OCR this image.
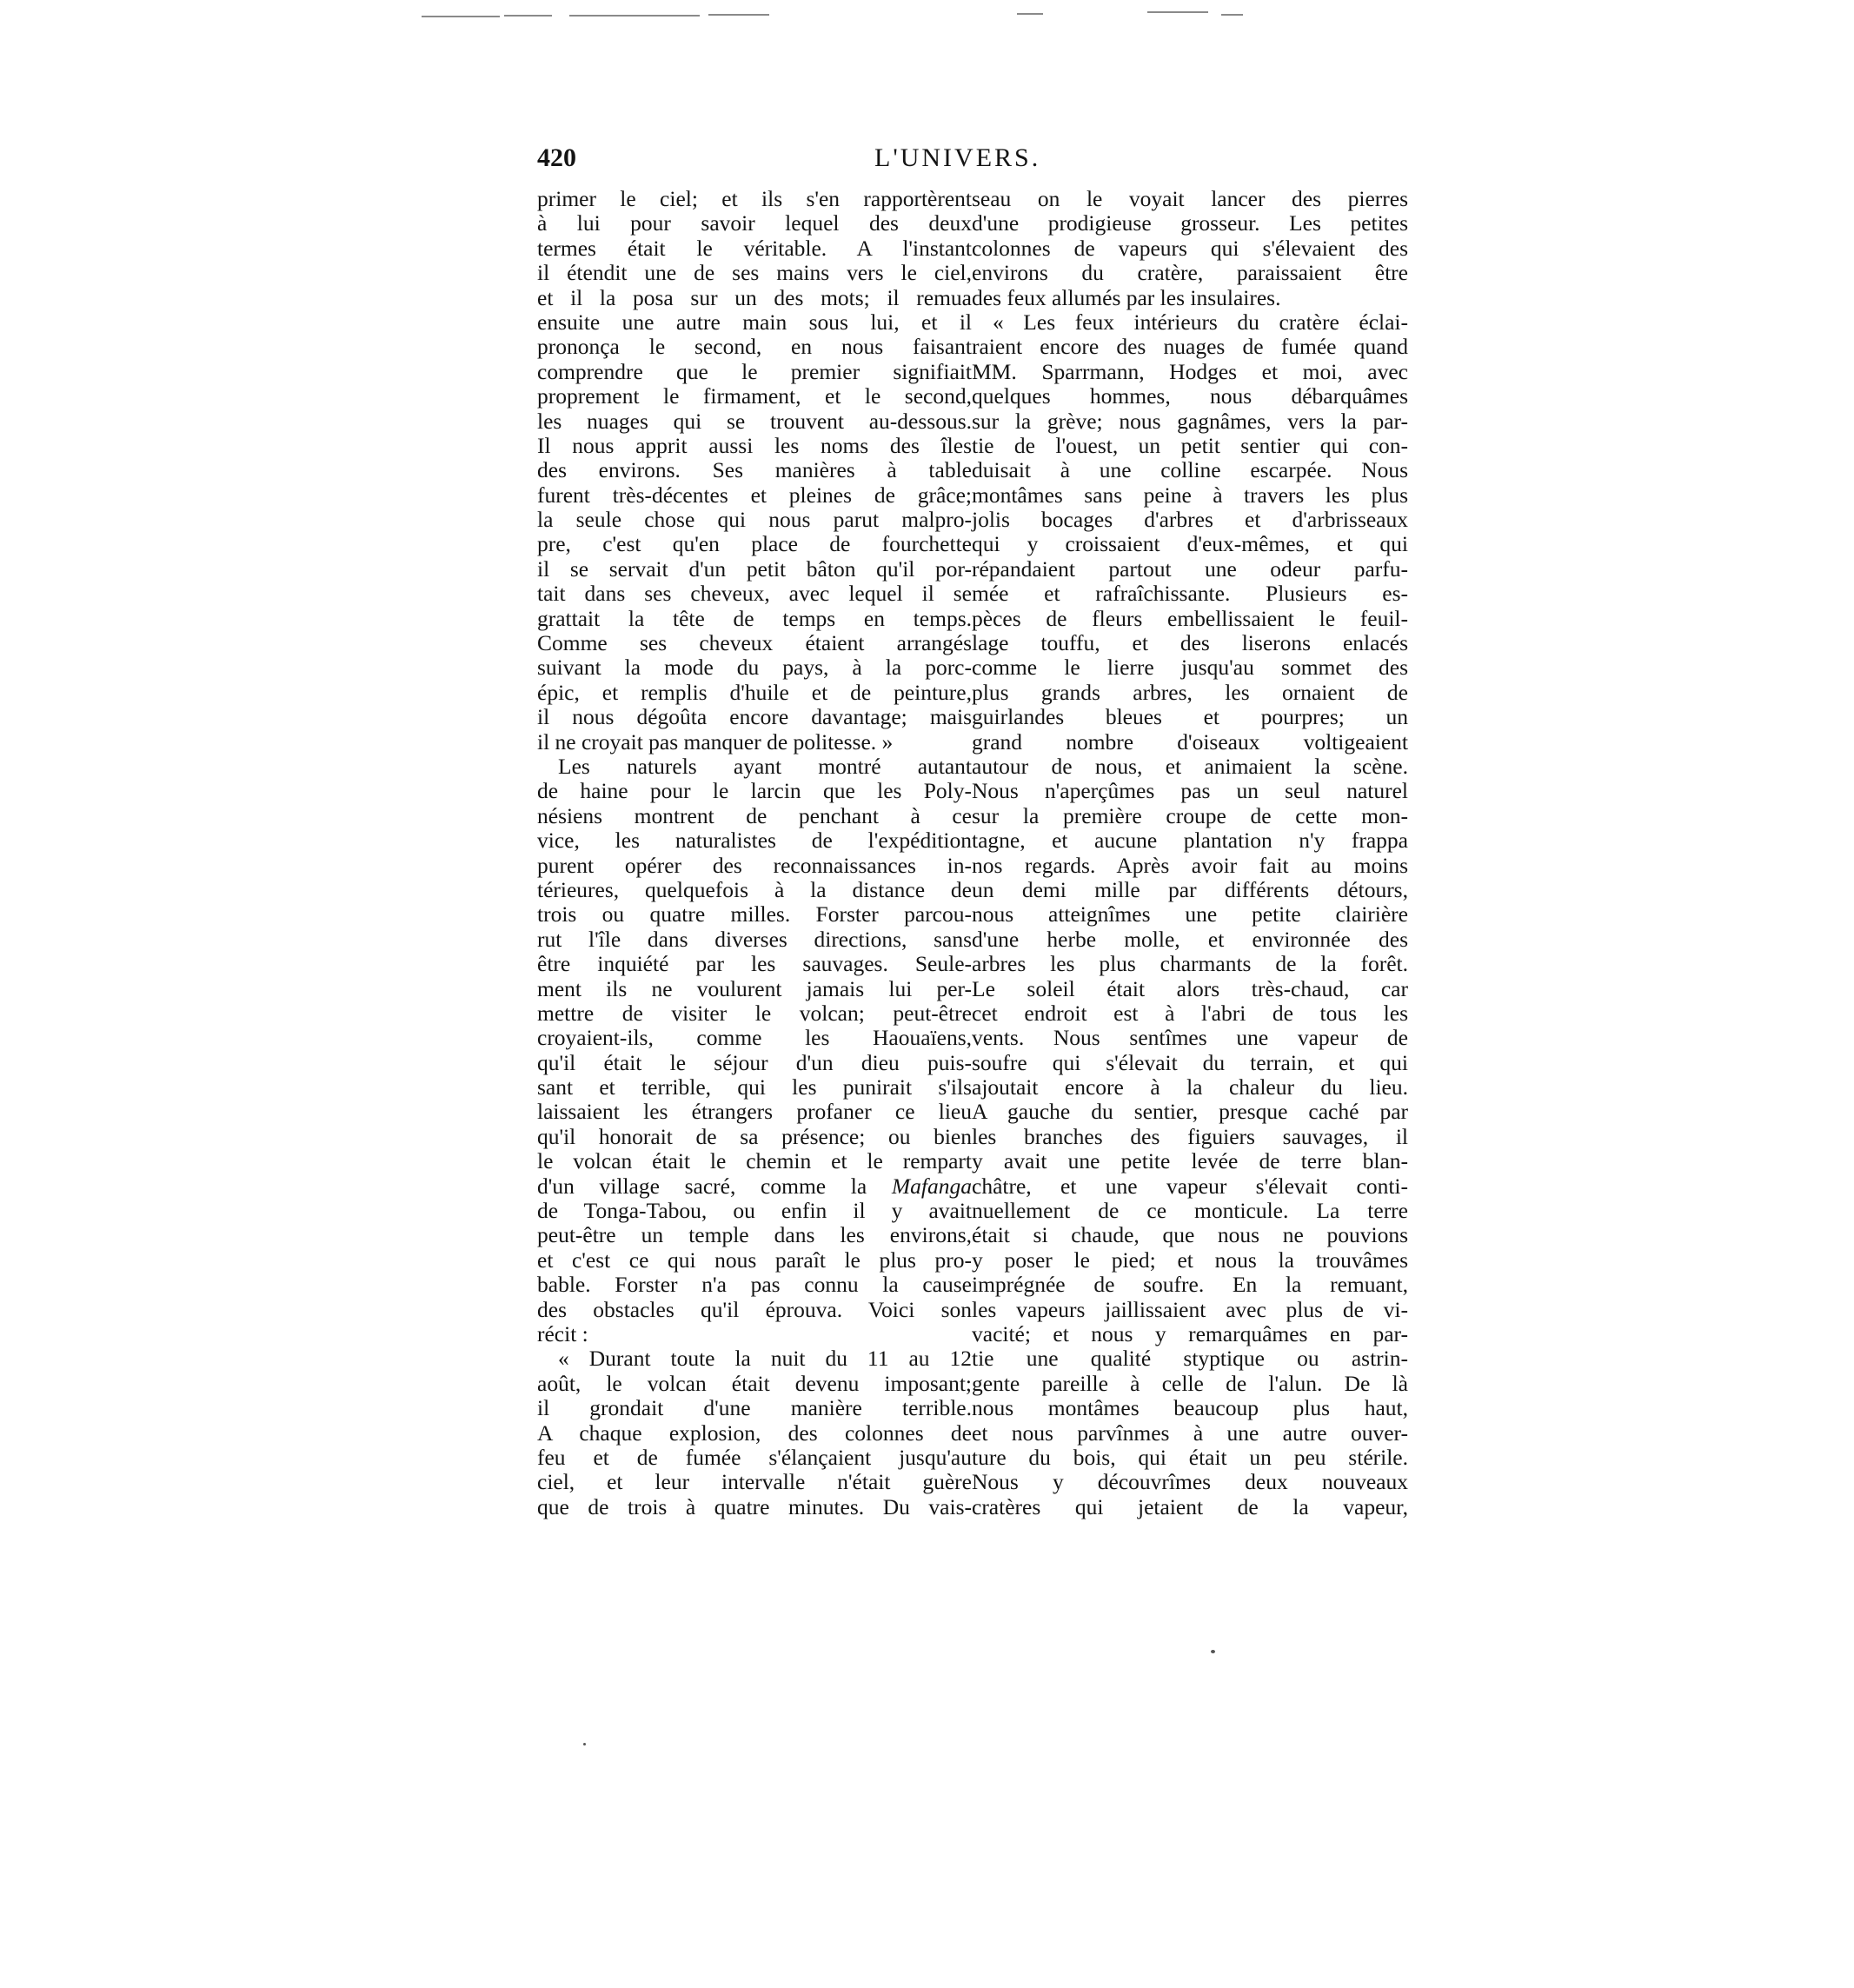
420	L'UNIVERS.
primer le ciel; et ils s'en rapportèrent
à lui pour savoir lequel des deux
termes était le véritable. A l'instant
il étendit une de ses mains vers le ciel,
et il la posa sur un des mots; il remua
ensuite une autre main sous lui, et il
prononça le second, en nous faisant
comprendre que le premier signifiait
proprement le firmament, et le second,
les nuages qui se trouvent au-dessous.
Il nous apprit aussi les noms des îles
des environs. Ses manières à table
furent très-décentes et pleines de grâce;
la seule chose qui nous parut malpro-
pre, c'est qu'en place de fourchette
il se servait d'un petit bâton qu'il por-
tait dans ses cheveux, avec lequel il se
grattait la tête de temps en temps.
Comme ses cheveux étaient arrangés
suivant la mode du pays, à la porc-
épic, et remplis d'huile et de peinture,
il nous dégoûta encore davantage; mais
il ne croyait pas manquer de politesse. »
Les naturels ayant montré autant
de haine pour le larcin que les Poly-
nésiens montrent de penchant à ce
vice, les naturalistes de l'expédition
purent opérer des reconnaissances in-
térieures, quelquefois à la distance de
trois ou quatre milles. Forster parcou-
rut l'île dans diverses directions, sans
être inquiété par les sauvages. Seule-
ment ils ne voulurent jamais lui per-
mettre de visiter le volcan; peut-être
croyaient-ils, comme les Haouaïens,
qu'il était le séjour d'un dieu puis-
sant et terrible, qui les punirait s'ils
laissaient les étrangers profaner ce lieu
qu'il honorait de sa présence; ou bien
le volcan était le chemin et le rempart
d'un village sacré, comme la Mafanga
de Tonga-Tabou, ou enfin il y avait
peut-être un temple dans les environs,
et c'est ce qui nous paraît le plus pro-
bable. Forster n'a pas connu la cause
des obstacles qu'il éprouva. Voici son
récit :
« Durant toute la nuit du 11 au 12
août, le volcan était devenu imposant;
il grondait d'une manière terrible.
A chaque explosion, des colonnes de
feu et de fumée s'élançaient jusqu'au
ciel, et leur intervalle n'était guère
que de trois à quatre minutes. Du vais-
seau on le voyait lancer des pierres
d'une prodigieuse grosseur. Les petites
colonnes de vapeurs qui s'élevaient des
environs du cratère, paraissaient être
des feux allumés par les insulaires.
« Les feux intérieurs du cratère éclai-
raient encore des nuages de fumée quand
MM. Sparrmann, Hodges et moi, avec
quelques hommes, nous débarquâmes
sur la grève; nous gagnâmes, vers la par-
tie de l'ouest, un petit sentier qui con-
duisait à une colline escarpée. Nous
montâmes sans peine à travers les plus
jolis bocages d'arbres et d'arbrisseaux
qui y croissaient d'eux-mêmes, et qui
répandaient partout une odeur parfu-
mée et rafraîchissante. Plusieurs es-
pèces de fleurs embellissaient le feuil-
lage touffu, et des liserons enlacés
comme le lierre jusqu'au sommet des
plus grands arbres, les ornaient de
guirlandes bleues et pourpres; un
grand nombre d'oiseaux voltigeaient
autour de nous, et animaient la scène.
Nous n'aperçûmes pas un seul naturel
sur la première croupe de cette mon-
tagne, et aucune plantation n'y frappa
nos regards. Après avoir fait au moins
un demi mille par différents détours,
nous atteignîmes une petite clairière
d'une herbe molle, et environnée des
arbres les plus charmants de la forêt.
Le soleil était alors très-chaud, car
cet endroit est à l'abri de tous les
vents. Nous sentîmes une vapeur de
soufre qui s'élevait du terrain, et qui
ajoutait encore à la chaleur du lieu.
A gauche du sentier, presque caché par
les branches des figuiers sauvages, il
y avait une petite levée de terre blan-
châtre, et une vapeur s'élevait conti-
nuellement de ce monticule. La terre
était si chaude, que nous ne pouvions
y poser le pied; et nous la trouvâmes
imprégnée de soufre. En la remuant,
les vapeurs jaillissaient avec plus de vi-
vacité; et nous y remarquâmes en par-
tie une qualité styptique ou astrin-
gente pareille à celle de l'alun. De là
nous montâmes beaucoup plus haut,
et nous parvînmes à une autre ouver-
ture du bois, qui était un peu stérile.
Nous y découvrîmes deux nouveaux
cratères qui jetaient de la vapeur,
